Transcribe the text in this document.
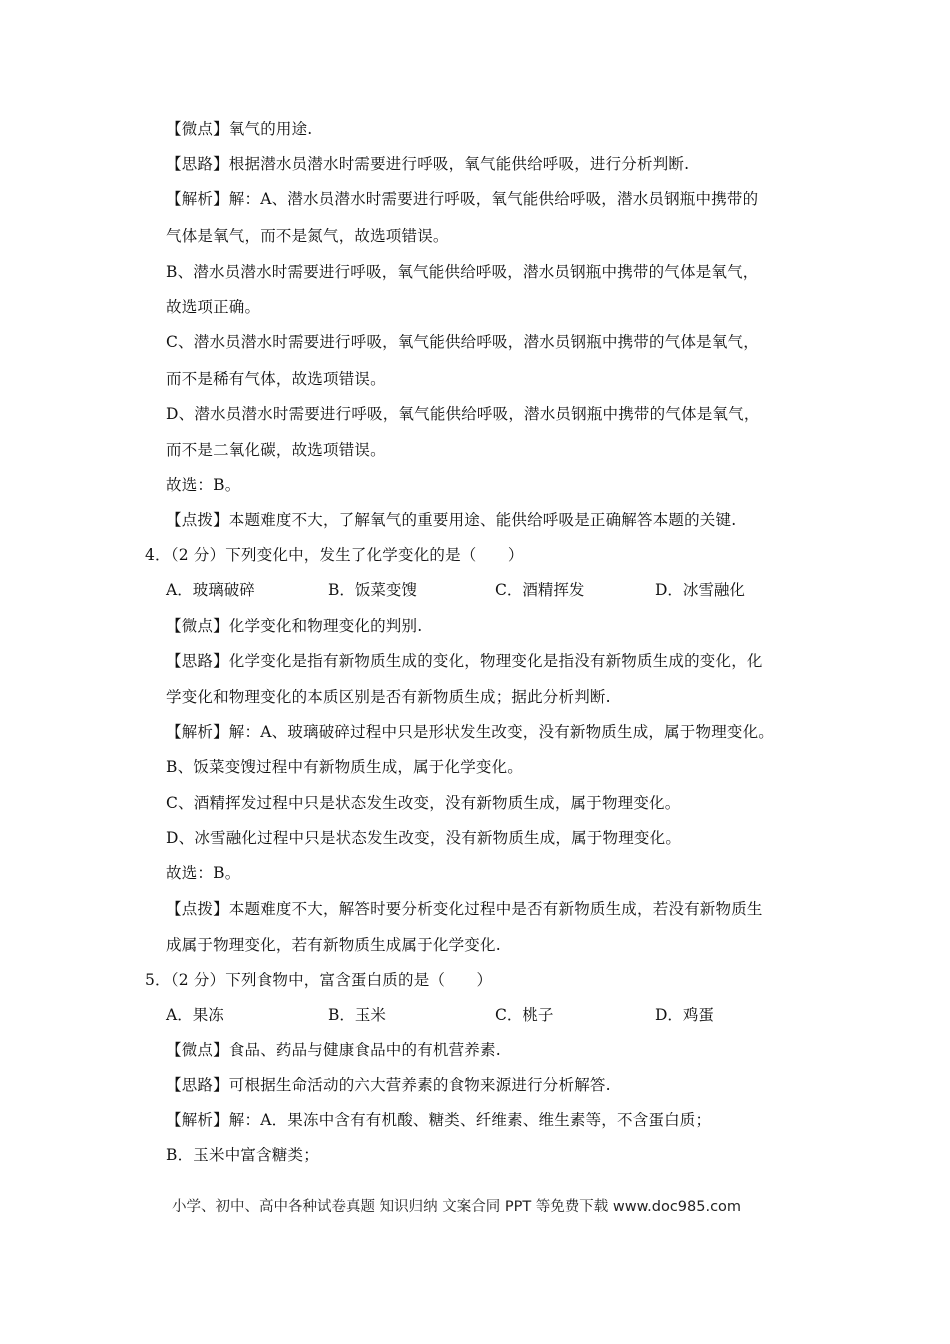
【微点】氧气的用途.
【思路】根据潜水员潜水时需要进行呼吸，氧气能供给呼吸，进行分析判断.
【解析】解：A、潜水员潜水时需要进行呼吸，氧气能供给呼吸，潜水员钢瓶中携带的
气体是氧气，而不是氮气，故选项错误。
B、潜水员潜水时需要进行呼吸，氧气能供给呼吸，潜水员钢瓶中携带的气体是氧气，
故选项正确。
C、潜水员潜水时需要进行呼吸，氧气能供给呼吸，潜水员钢瓶中携带的气体是氧气，
而不是稀有气体，故选项错误。
D、潜水员潜水时需要进行呼吸，氧气能供给呼吸，潜水员钢瓶中携带的气体是氧气，
而不是二氧化碳，故选项错误。
故选：B。
【点拨】本题难度不大，了解氧气的重要用途、能供给呼吸是正确解答本题的关键.
4．（2 分）下列变化中，发生了化学变化的是（　　）
A．玻璃破碎	B．饭菜变馊	C．酒精挥发	D．冰雪融化
【微点】化学变化和物理变化的判别.
【思路】化学变化是指有新物质生成的变化，物理变化是指没有新物质生成的变化，化
学变化和物理变化的本质区别是否有新物质生成；据此分析判断.
【解析】解：A、玻璃破碎过程中只是形状发生改变，没有新物质生成，属于物理变化。
B、饭菜变馊过程中有新物质生成，属于化学变化。
C、酒精挥发过程中只是状态发生改变，没有新物质生成，属于物理变化。
D、冰雪融化过程中只是状态发生改变，没有新物质生成，属于物理变化。
故选：B。
【点拨】本题难度不大，解答时要分析变化过程中是否有新物质生成，若没有新物质生
成属于物理变化，若有新物质生成属于化学变化.
5．（2 分）下列食物中，富含蛋白质的是（　　）
A．果冻	B．玉米	C．桃子	D．鸡蛋
【微点】食品、药品与健康食品中的有机营养素.
【思路】可根据生命活动的六大营养素的食物来源进行分析解答.
【解析】解：A．果冻中含有有机酸、糖类、纤维素、维生素等，不含蛋白质；
B．玉米中富含糖类；
小学、初中、高中各种试卷真题 知识归纳 文案合同 PPT 等免费下载 www.doc985.com
